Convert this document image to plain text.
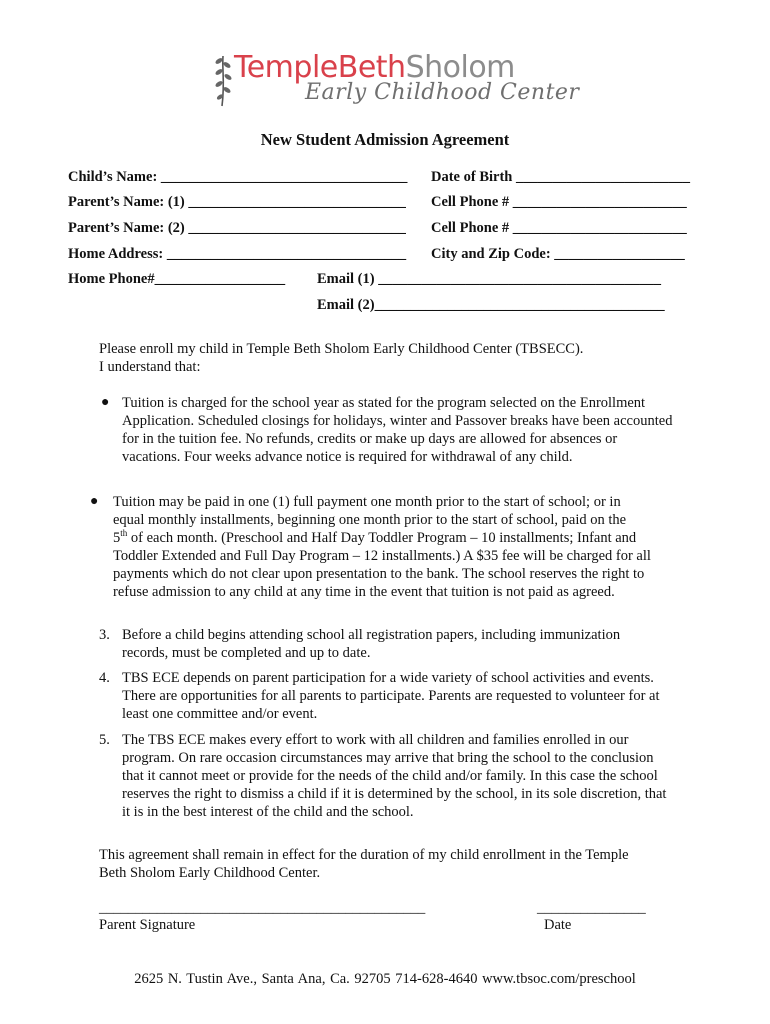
TempleBethSholom
Early Childhood Center
New Student Admission Agreement
Child’s Name: __________________________________ Date of Birth ________________________
Parent’s Name: (1) ______________________________ Cell Phone # ________________________
Parent’s Name: (2) ______________________________ Cell Phone # ________________________
Home Address: _________________________________ City and Zip Code: __________________
Home Phone#__________________ Email (1) _______________________________________
Email (2)________________________________________
Please enroll my child in Temple Beth Sholom Early Childhood Center (TBSECC).
I understand that:
● Tuition is charged for the school year as stated for the program selected on the Enrollment Application. Scheduled closings for holidays, winter and Passover breaks have been accounted for in the tuition fee. No refunds, credits or make up days are allowed for absences or vacations. Four weeks advance notice is required for withdrawal of any child.
● Tuition may be paid in one (1) full payment one month prior to the start of school; or in
equal monthly installments, beginning one month prior to the start of school, paid on the
5th of each month. (Preschool and Half Day Toddler Program – 10 installments; Infant and
Toddler Extended and Full Day Program – 12 installments.) A $35 fee will be charged for all payments which do not clear upon presentation to the bank. The school reserves the right to refuse admission to any child at any time in the event that tuition is not paid as agreed.
3. Before a child begins attending school all registration papers, including immunization records, must be completed and up to date.
4. TBS ECE depends on parent participation for a wide variety of school activities and events. There are opportunities for all parents to participate. Parents are requested to volunteer for at least one committee and/or event.
5. The TBS ECE makes every effort to work with all children and families enrolled in our program. On rare occasion circumstances may arrive that bring the school to the conclusion that it cannot meet or provide for the needs of the child and/or family. In this case the school reserves the right to dismiss a child if it is determined by the school, in its sole discretion, that it is in the best interest of the child and the school.
This agreement shall remain in effect for the duration of my child enrollment in the Temple Beth Sholom Early Childhood Center.
_____________________________________________
Parent Signature
_______________
Date
2625 N. Tustin Ave., Santa Ana, Ca. 92705 714-628-4640 www.tbsoc.com/preschool
